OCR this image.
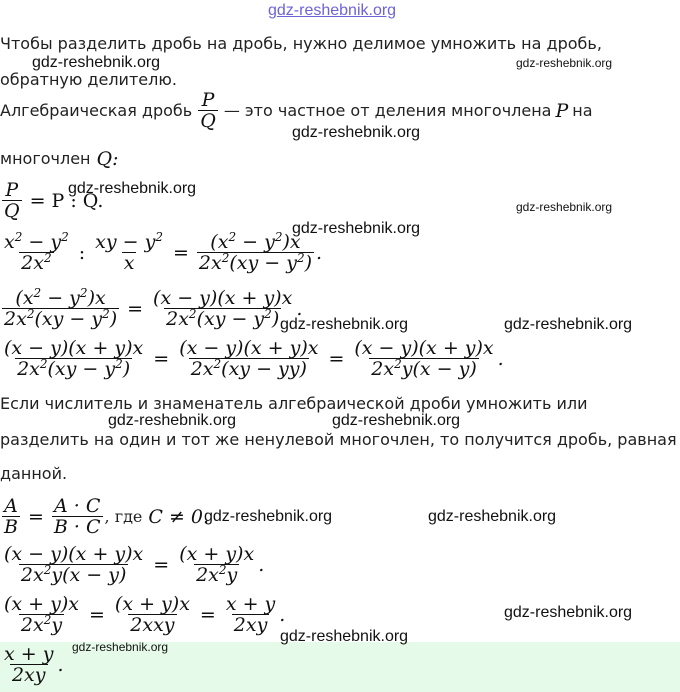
gdz-reshebnik.org
Чтобы разделить дробь на дробь, нужно делимое умножить на дробь,
обратную делителю.
Алгебраическая дробь $\frac{P}{Q}$ — это частное от деления многочлена P на
многочлен Q:
$\frac{P}{Q} = P$ : Q.
$\frac{x^2 - y^2}{2x^2}$ : $\frac{xy - y^2}{x} = \frac{(x^2 - y^2)x}{2x^2(xy - y^2)}$ .
$\frac{(x^2 - y^2)x}{2x^2(xy - y^2)} = \frac{(x - y)(x + y)x}{2x^2(xy - y^2)}$ .
$\frac{(x - y)(x + y)x}{2x^2(xy - y^2)} = \frac{(x - y)(x + y)x}{2x^2(xy - yy)} = \frac{(x - y)(x + y)x}{2x^2y(x - y)}$ .
Если числитель и знаменатель алгебраической дроби умножить или
разделить на один и тот же ненулевой многочлен, то получится дробь, равная
данной.
$\frac{A}{B} = \frac{A \cdot C}{B \cdot C}$ , где C ≠ 0.
$\frac{(x - y)(x + y)x}{2x^2y(x - y)} = \frac{(x + y)x}{2x^2y}$ .
$\frac{(x + y)x}{2x^2y} = \frac{(x + y)x}{\text{2xxy}} = \frac{x + y}{2xy}$ .
$\frac{x + y}{2xy}$ .
gdz-reshebnik.org	gdz-reshebnik.org
gdz-reshebnik.org
gdz-reshebnik.org
gdz-reshebnik.org
gdz-reshebnik.org
gdz-reshebnik.org	gdz-reshebnik.org
gdz-reshebnik.org	gdz-reshebnik.org
gdz-reshebnik.org	gdz-reshebnik.org
gdz-reshebnik.org
gdz-reshebnik.org
gdz-reshebnik.org
